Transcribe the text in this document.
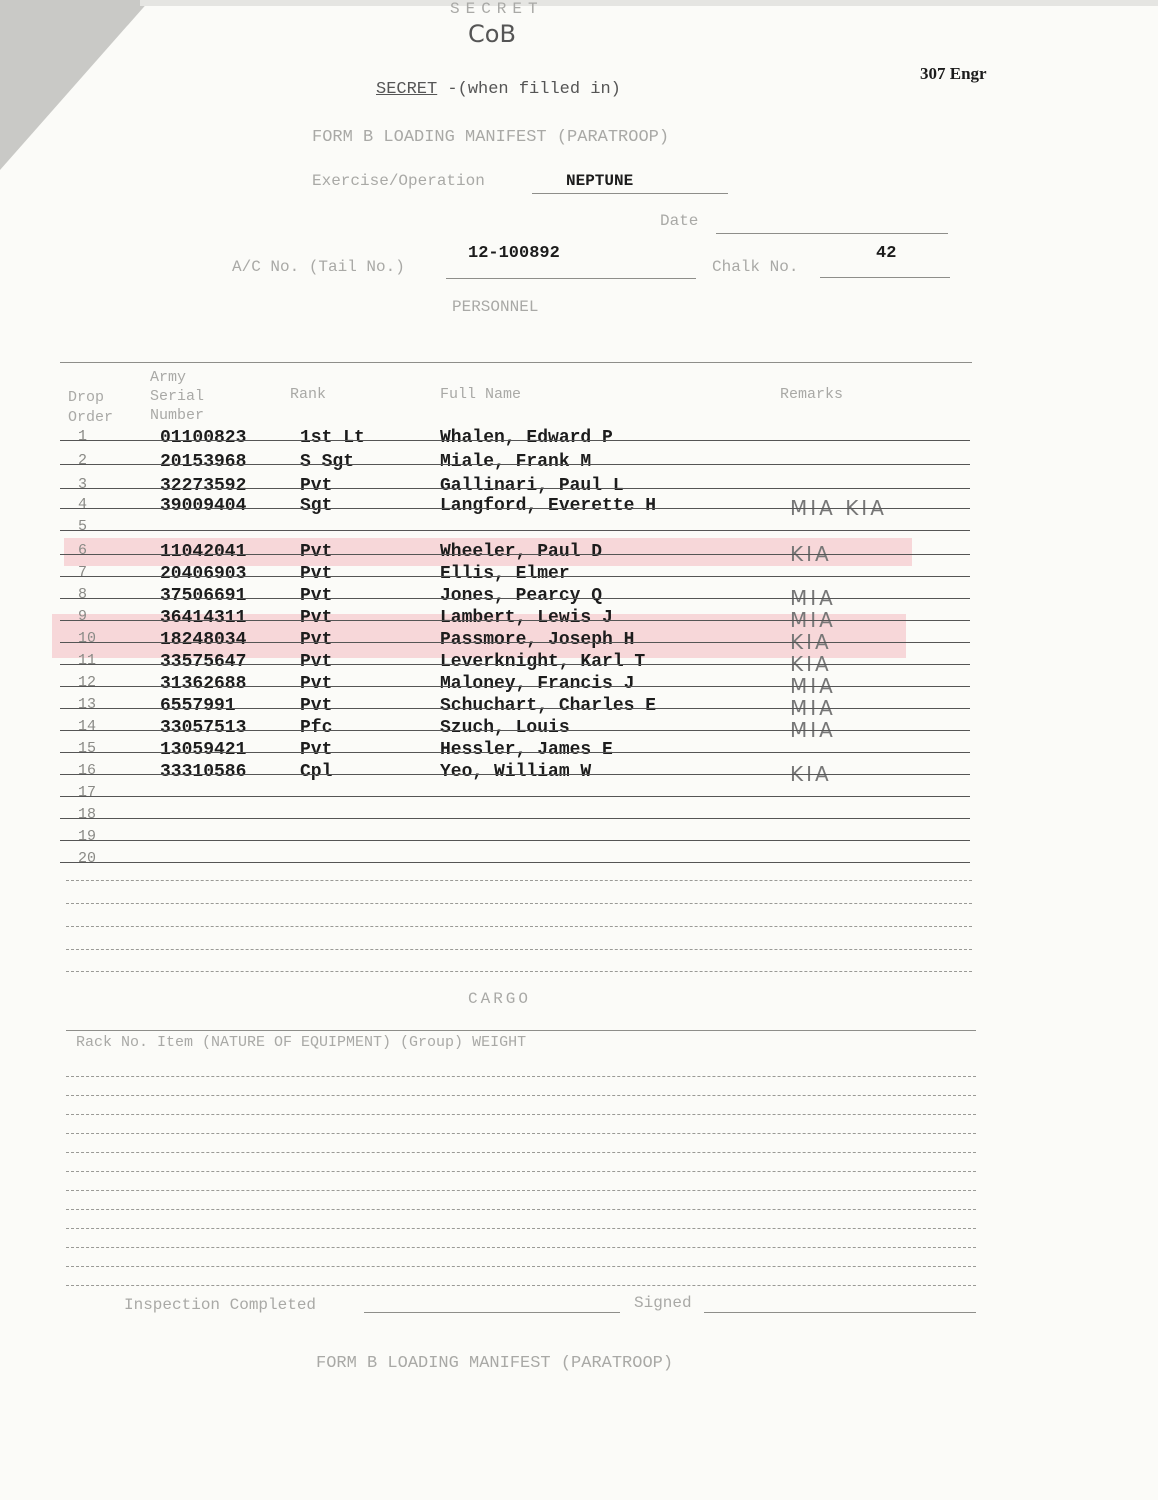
SECRET
CoB
307 Engr
SECRET -(when filled in)
FORM B LOADING MANIFEST (PARATROOP)
Exercise/Operation	NEPTUNE
Date
A/C No. (Tail No.)
12-100892
Chalk No.
42
PERSONNEL
Drop
Order
Army
Serial
Number
Rank	Full Name	Remarks
1	01100823	1st Lt	Whalen, Edward P
2	20153968	S Sgt	Miale, Frank M
3	32273592	Pvt	Gallinari, Paul L
4	39009404	Sgt	Langford, Everette H	MIA KIA
5
6	11042041	Pvt	Wheeler, Paul D	KIA
7	20406903	Pvt	Ellis, Elmer
8	37506691	Pvt	Jones, Pearcy Q	MIA
9	36414311	Pvt	Lambert, Lewis J	MIA
10	18248034	Pvt	Passmore, Joseph H	KIA
11	33575647	Pvt	Leverknight, Karl T	KIA
12	31362688	Pvt	Maloney, Francis J	MIA
13	6557991	Pvt	Schuchart, Charles E	MIA
14	33057513	Pfc	Szuch, Louis	MIA
15	13059421	Pvt	Hessler, James E
16	33310586	Cpl	Yeo, William W	KIA
17
18
19
20
CARGO
Rack No. Item (NATURE OF EQUIPMENT) (Group) WEIGHT
Inspection Completed	Signed
FORM B LOADING MANIFEST (PARATROOP)
